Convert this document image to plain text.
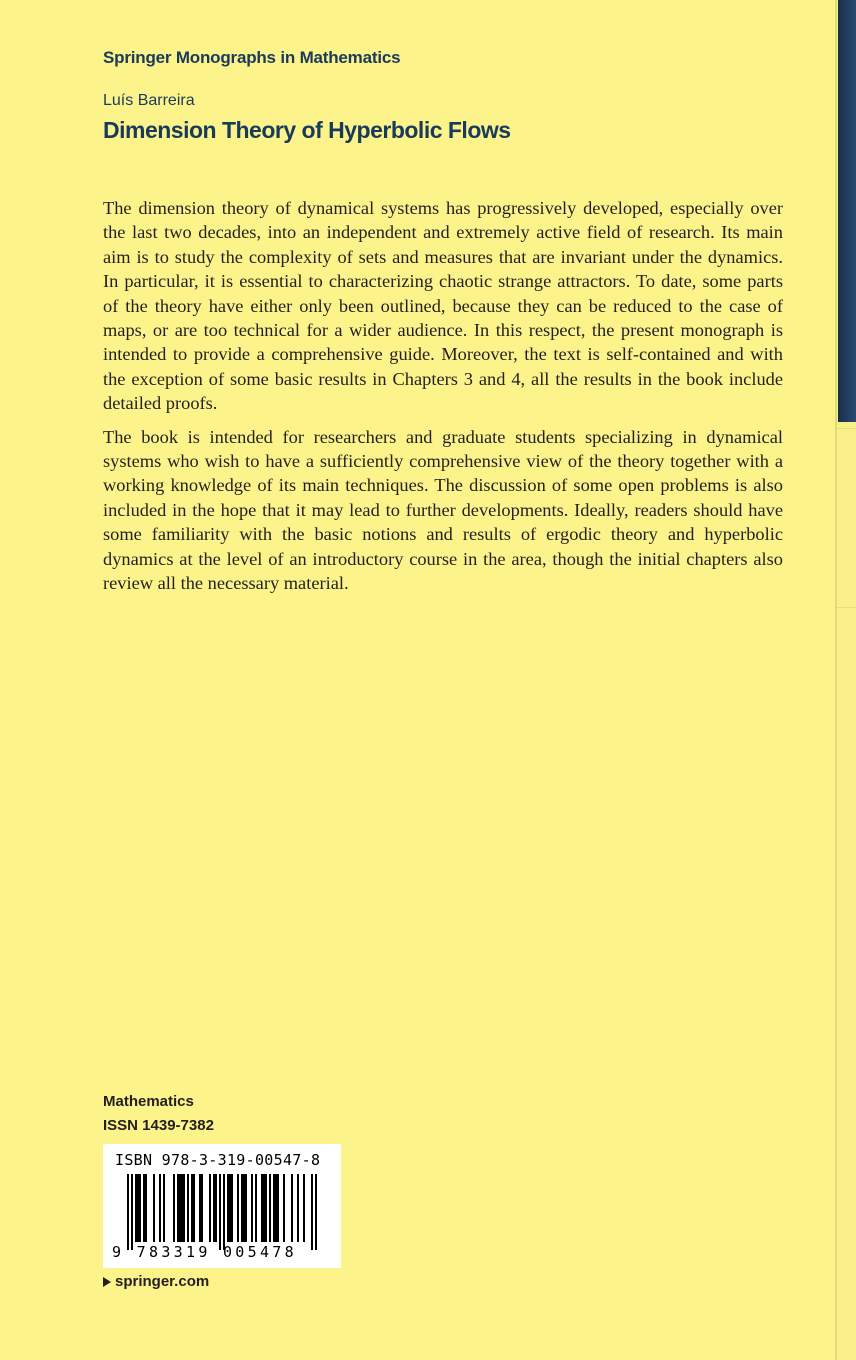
Springer Monographs in Mathematics
Luís Barreira
Dimension Theory of Hyperbolic Flows

The dimension theory of dynamical systems has progressively developed, especially over the last two decades, into an independent and extremely active field of research. Its main aim is to study the complexity of sets and measures that are invariant under the dynamics. In particular, it is essential to characterizing chaotic strange attractors. To date, some parts of the theory have either only been outlined, because they can be reduced to the case of maps, or are too technical for a wider audience. In this respect, the present monograph is intended to provide a comprehensive guide. Moreover, the text is self-contained and with the exception of some basic results in Chapters 3 and 4, all the results in the book include detailed proofs.

The book is intended for researchers and graduate students specializing in dynamical systems who wish to have a sufficiently comprehensive view of the theory together with a working knowledge of its main techniques. The discussion of some open problems is also included in the hope that it may lead to further developments. Ideally, readers should have some familiarity with the basic notions and results of ergodic theory and hyperbolic dynamics at the level of an introductory course in the area, though the initial chapters also review all the necessary material.

Mathematics
ISSN 1439-7382
ISBN 978-3-319-00547-8
9 783319 005478
springer.com
